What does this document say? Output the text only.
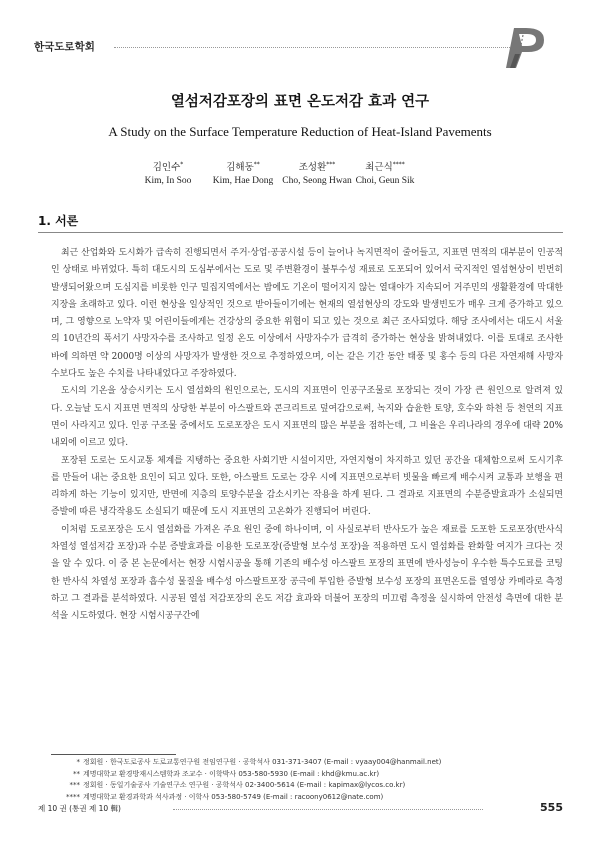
한국도로학회
열섬저감포장의 표면 온도저감 효과 연구
A Study on the Surface Temperature Reduction of Heat-Island Pavements
김인수*
Kim, In Soo
김해동**
Kim, Hae Dong
조성환***
Cho, Seong Hwan
최근식****
Choi, Geun Sik
1. 서론

최근 산업화와 도시화가 급속히 진행되면서 주거·상업·공공시설 등이 늘어나 녹지면적이 줄어들고, 지표면 면적의 대부분이 인공적인 상태로 바뀌었다. 특히 대도시의 도심부에서는 도로 및 주변환경이 불투수성 재료로 도포되어 있어서 국지적인 열섬현상이 빈번히 발생되어왔으며 도심지를 비롯한 인구 밀집지역에서는 밤에도 기온이 떨어지지 않는 열대야가 지속되어 거주민의 생활환경에 막대한 지장을 초래하고 있다. 이런 현상을 일상적인 것으로 받아들이기에는 현재의 열섬현상의 강도와 발생빈도가 매우 크게 증가하고 있으며, 그 영향으로 노약자 및 어린이들에게는 건강상의 중요한 위협이 되고 있는 것으로 최근 조사되었다. 해당 조사에서는 대도시 서울의 10년간의 폭서기 사망자수를 조사하고 일정 온도 이상에서 사망자수가 급격히 증가하는 현상을 밝혀내었다. 이를 토대로 조사한 바에 의하면 약 2000명 이상의 사망자가 발생한 것으로 추정하였으며, 이는 같은 기간 동안 태풍 및 홍수 등의 다른 자연재해 사망자수보다도 높은 수치를 나타내었다고 주장하였다.

도시의 기온을 상승시키는 도시 열섬화의 원인으로는, 도시의 지표면이 인공구조물로 포장되는 것이 가장 큰 원인으로 알려져 있다. 오늘날 도시 지표면 면적의 상당한 부분이 아스팔트와 콘크리트로 덮여감으로써, 녹지와 습윤한 토양, 호수와 하천 등 천연의 지표면이 사라지고 있다. 인공 구조물 중에서도 도로포장은 도시 지표면의 많은 부분을 점하는데, 그 비율은 우리나라의 경우에 대략 20% 내외에 이르고 있다.

포장된 도로는 도시교통 체계를 지탱하는 중요한 사회기반 시설이지만, 자연지형이 차지하고 있던 공간을 대체함으로써 도시기후를 만들어 내는 중요한 요인이 되고 있다. 또한, 아스팔트 도로는 강우 시에 지표면으로부터 빗물을 빠르게 배수시켜 교통과 보행을 편리하게 하는 기능이 있지만, 반면에 지층의 토양수분을 감소시키는 작용을 하게 된다. 그 결과로 지표면의 수분증발효과가 소실되면 증발에 따른 냉각작용도 소실되기 때문에 도시 지표면의 고온화가 진행되어 버린다.

이처럼 도로포장은 도시 열섬화를 가져온 주요 원인 중에 하나이며, 이 사실로부터 반사도가 높은 재료를 도포한 도로포장(반사식 차열성 열섬저감 포장)과 수분 증발효과를 이용한 도로포장(증발형 보수성 포장)을 적용하면 도시 열섬화를 완화할 여지가 크다는 것을 알 수 있다. 이 중 본 논문에서는 현장 시험시공을 통해 기존의 배수성 아스팔트 포장의 표면에 반사성능이 우수한 특수도료를 코팅한 반사식 차열성 포장과 흡수성 물질을 배수성 아스팔트포장 공극에 투입한 증발형 보수성 포장의 표면온도를 열영상 카메라로 측정하고 그 결과를 분석하였다. 시공된 열섬 저감포장의 온도 저감 효과와 더불어 포장의 미끄럼 측정을 실시하여 안전성 측면에 대한 분석을 시도하였다. 현장 시험시공구간에

* 정회원 · 한국도로공사 도로교통연구원 전임연구원 · 공학석사 031-371-3407 (E-mail : vyaay004@hanmail.net)
** 계명대학교 환경방재시스템학과 조교수 · 이학박사 053-580-5930 (E-mail : khd@kmu.ac.kr)
*** 정회원 · 동일기술공사 기술연구소 연구원 · 공학석사 02-3400-5614 (E-mail : kapimax@lycos.co.kr)
**** 계명대학교 환경과학과 석사과정 · 이학사 053-580-5749 (E-mail : racoony0612@nate.com)
제 10 권 (통권 제 10 輯)	555
